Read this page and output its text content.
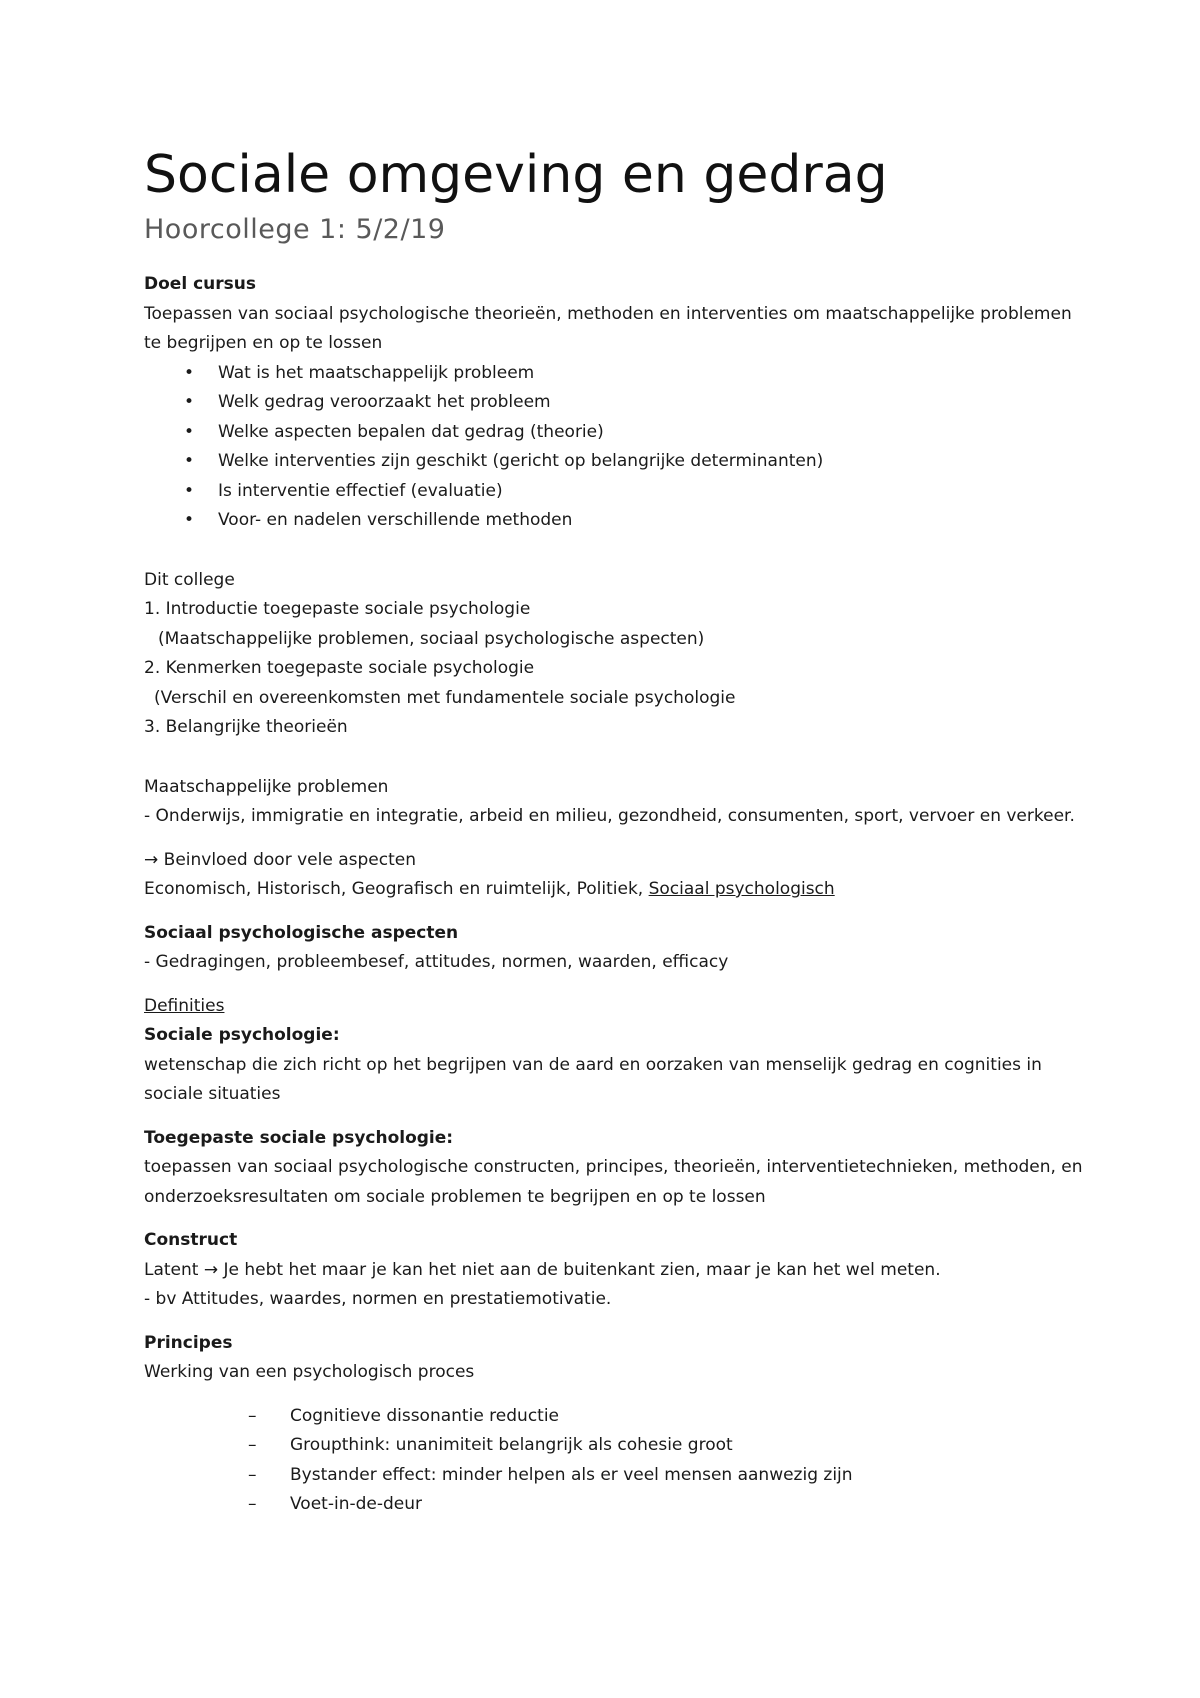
Sociale omgeving en gedrag
Hoorcollege 1: 5/2/19

Doel cursus

Toepassen van sociaal psychologische theorieën, methoden en interventies om maatschappelijke problemen te begrijpen en op te lossen

• Wat is het maatschappelijk probleem
• Welk gedrag veroorzaakt het probleem
• Welke aspecten bepalen dat gedrag (theorie)
• Welke interventies zijn geschikt (gericht op belangrijke determinanten)
• Is interventie effectief (evaluatie)
• Voor- en nadelen verschillende methoden

Dit college

1. Introductie toegepaste sociale psychologie

(Maatschappelijke problemen, sociaal psychologische aspecten)

2. Kenmerken toegepaste sociale psychologie

(Verschil en overeenkomsten met fundamentele sociale psychologie

3. Belangrijke theorieën

Maatschappelijke problemen

- Onderwijs, immigratie en integratie, arbeid en milieu, gezondheid, consumenten, sport, vervoer en verkeer.

→ Beinvloed door vele aspecten

Economisch, Historisch, Geografisch en ruimtelijk, Politiek, Sociaal psychologisch

Sociaal psychologische aspecten

- Gedragingen, probleembesef, attitudes, normen, waarden, efficacy

Definities

Sociale psychologie:

wetenschap die zich richt op het begrijpen van de aard en oorzaken van menselijk gedrag en cognities in sociale situaties

Toegepaste sociale psychologie:

toepassen van sociaal psychologische constructen, principes, theorieën, interventietechnieken, methoden, en onderzoeksresultaten om sociale problemen te begrijpen en op te lossen

Construct

Latent → Je hebt het maar je kan het niet aan de buitenkant zien, maar je kan het wel meten.

- bv Attitudes, waardes, normen en prestatiemotivatie.

Principes

Werking van een psychologisch proces

– Cognitieve dissonantie reductie
– Groupthink: unanimiteit belangrijk als cohesie groot
– Bystander effect: minder helpen als er veel mensen aanwezig zijn
– Voet-in-de-deur
